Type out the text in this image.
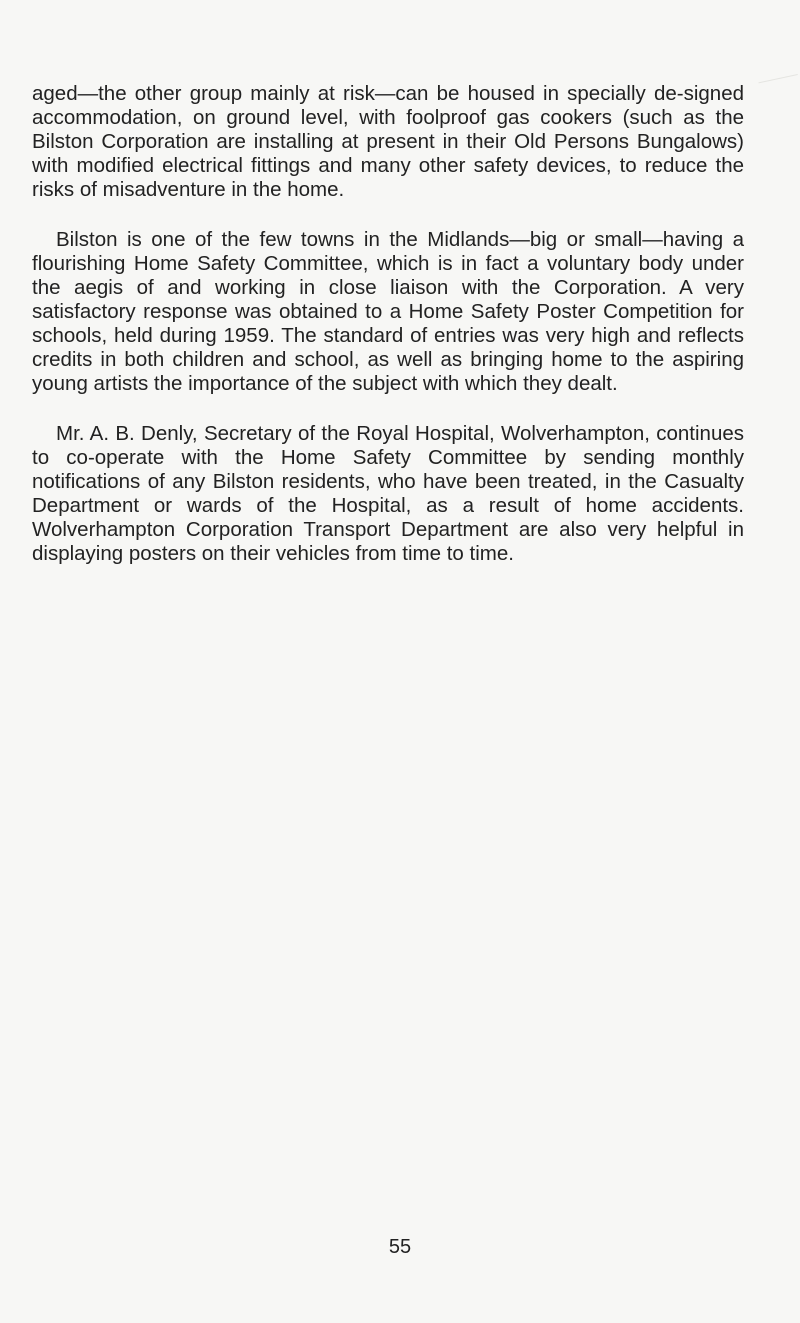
aged—the other group mainly at risk—can be housed in specially de-signed accommodation, on ground level, with foolproof gas cookers (such as the Bilston Corporation are installing at present in their Old Persons Bungalows) with modified electrical fittings and many other safety devices, to reduce the risks of misadventure in the home.

Bilston is one of the few towns in the Midlands—big or small—having a flourishing Home Safety Committee, which is in fact a voluntary body under the aegis of and working in close liaison with the Corporation. A very satisfactory response was obtained to a Home Safety Poster Competition for schools, held during 1959. The standard of entries was very high and reflects credits in both children and school, as well as bringing home to the aspiring young artists the importance of the subject with which they dealt.

Mr. A. B. Denly, Secretary of the Royal Hospital, Wolverhampton, continues to co-operate with the Home Safety Committee by sending monthly notifications of any Bilston residents, who have been treated, in the Casualty Department or wards of the Hospital, as a result of home accidents. Wolverhampton Corporation Transport Department are also very helpful in displaying posters on their vehicles from time to time.

55
